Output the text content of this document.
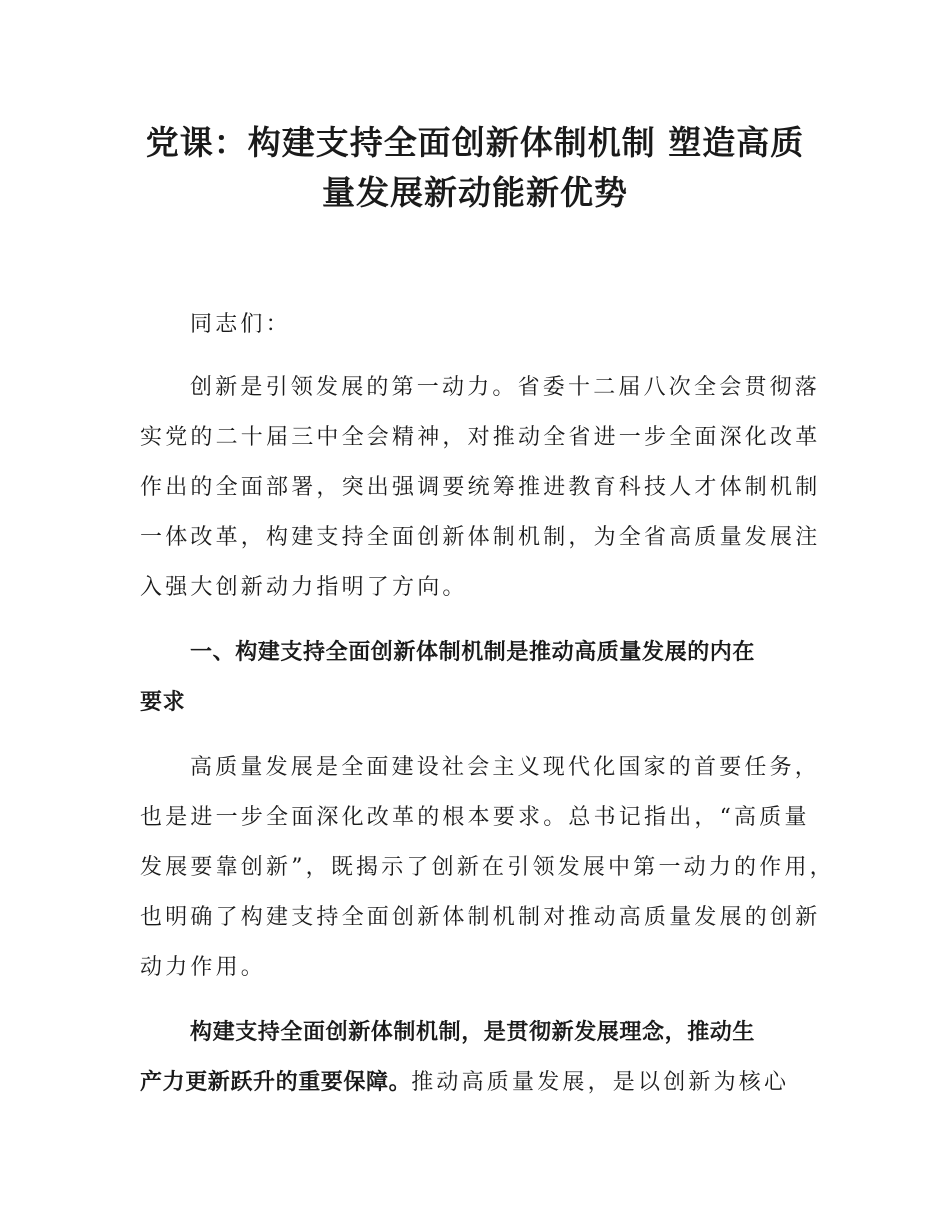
党课：构建支持全面创新体制机制 塑造高质
量发展新动能新优势

同志们：

创新是引领发展的第一动力。省委十二届八次全会贯彻落
实党的二十届三中全会精神，对推动全省进一步全面深化改革
作出的全面部署，突出强调要统筹推进教育科技人才体制机制
一体改革，构建支持全面创新体制机制，为全省高质量发展注
入强大创新动力指明了方向。

一、构建支持全面创新体制机制是推动高质量发展的内在
要求

高质量发展是全面建设社会主义现代化国家的首要任务，
也是进一步全面深化改革的根本要求。总书记指出，“高质量
发展要靠创新”，既揭示了创新在引领发展中第一动力的作用，
也明确了构建支持全面创新体制机制对推动高质量发展的创新
动力作用。

构建支持全面创新体制机制，是贯彻新发展理念，推动生
产力更新跃升的重要保障。推动高质量发展，是以创新为核心
